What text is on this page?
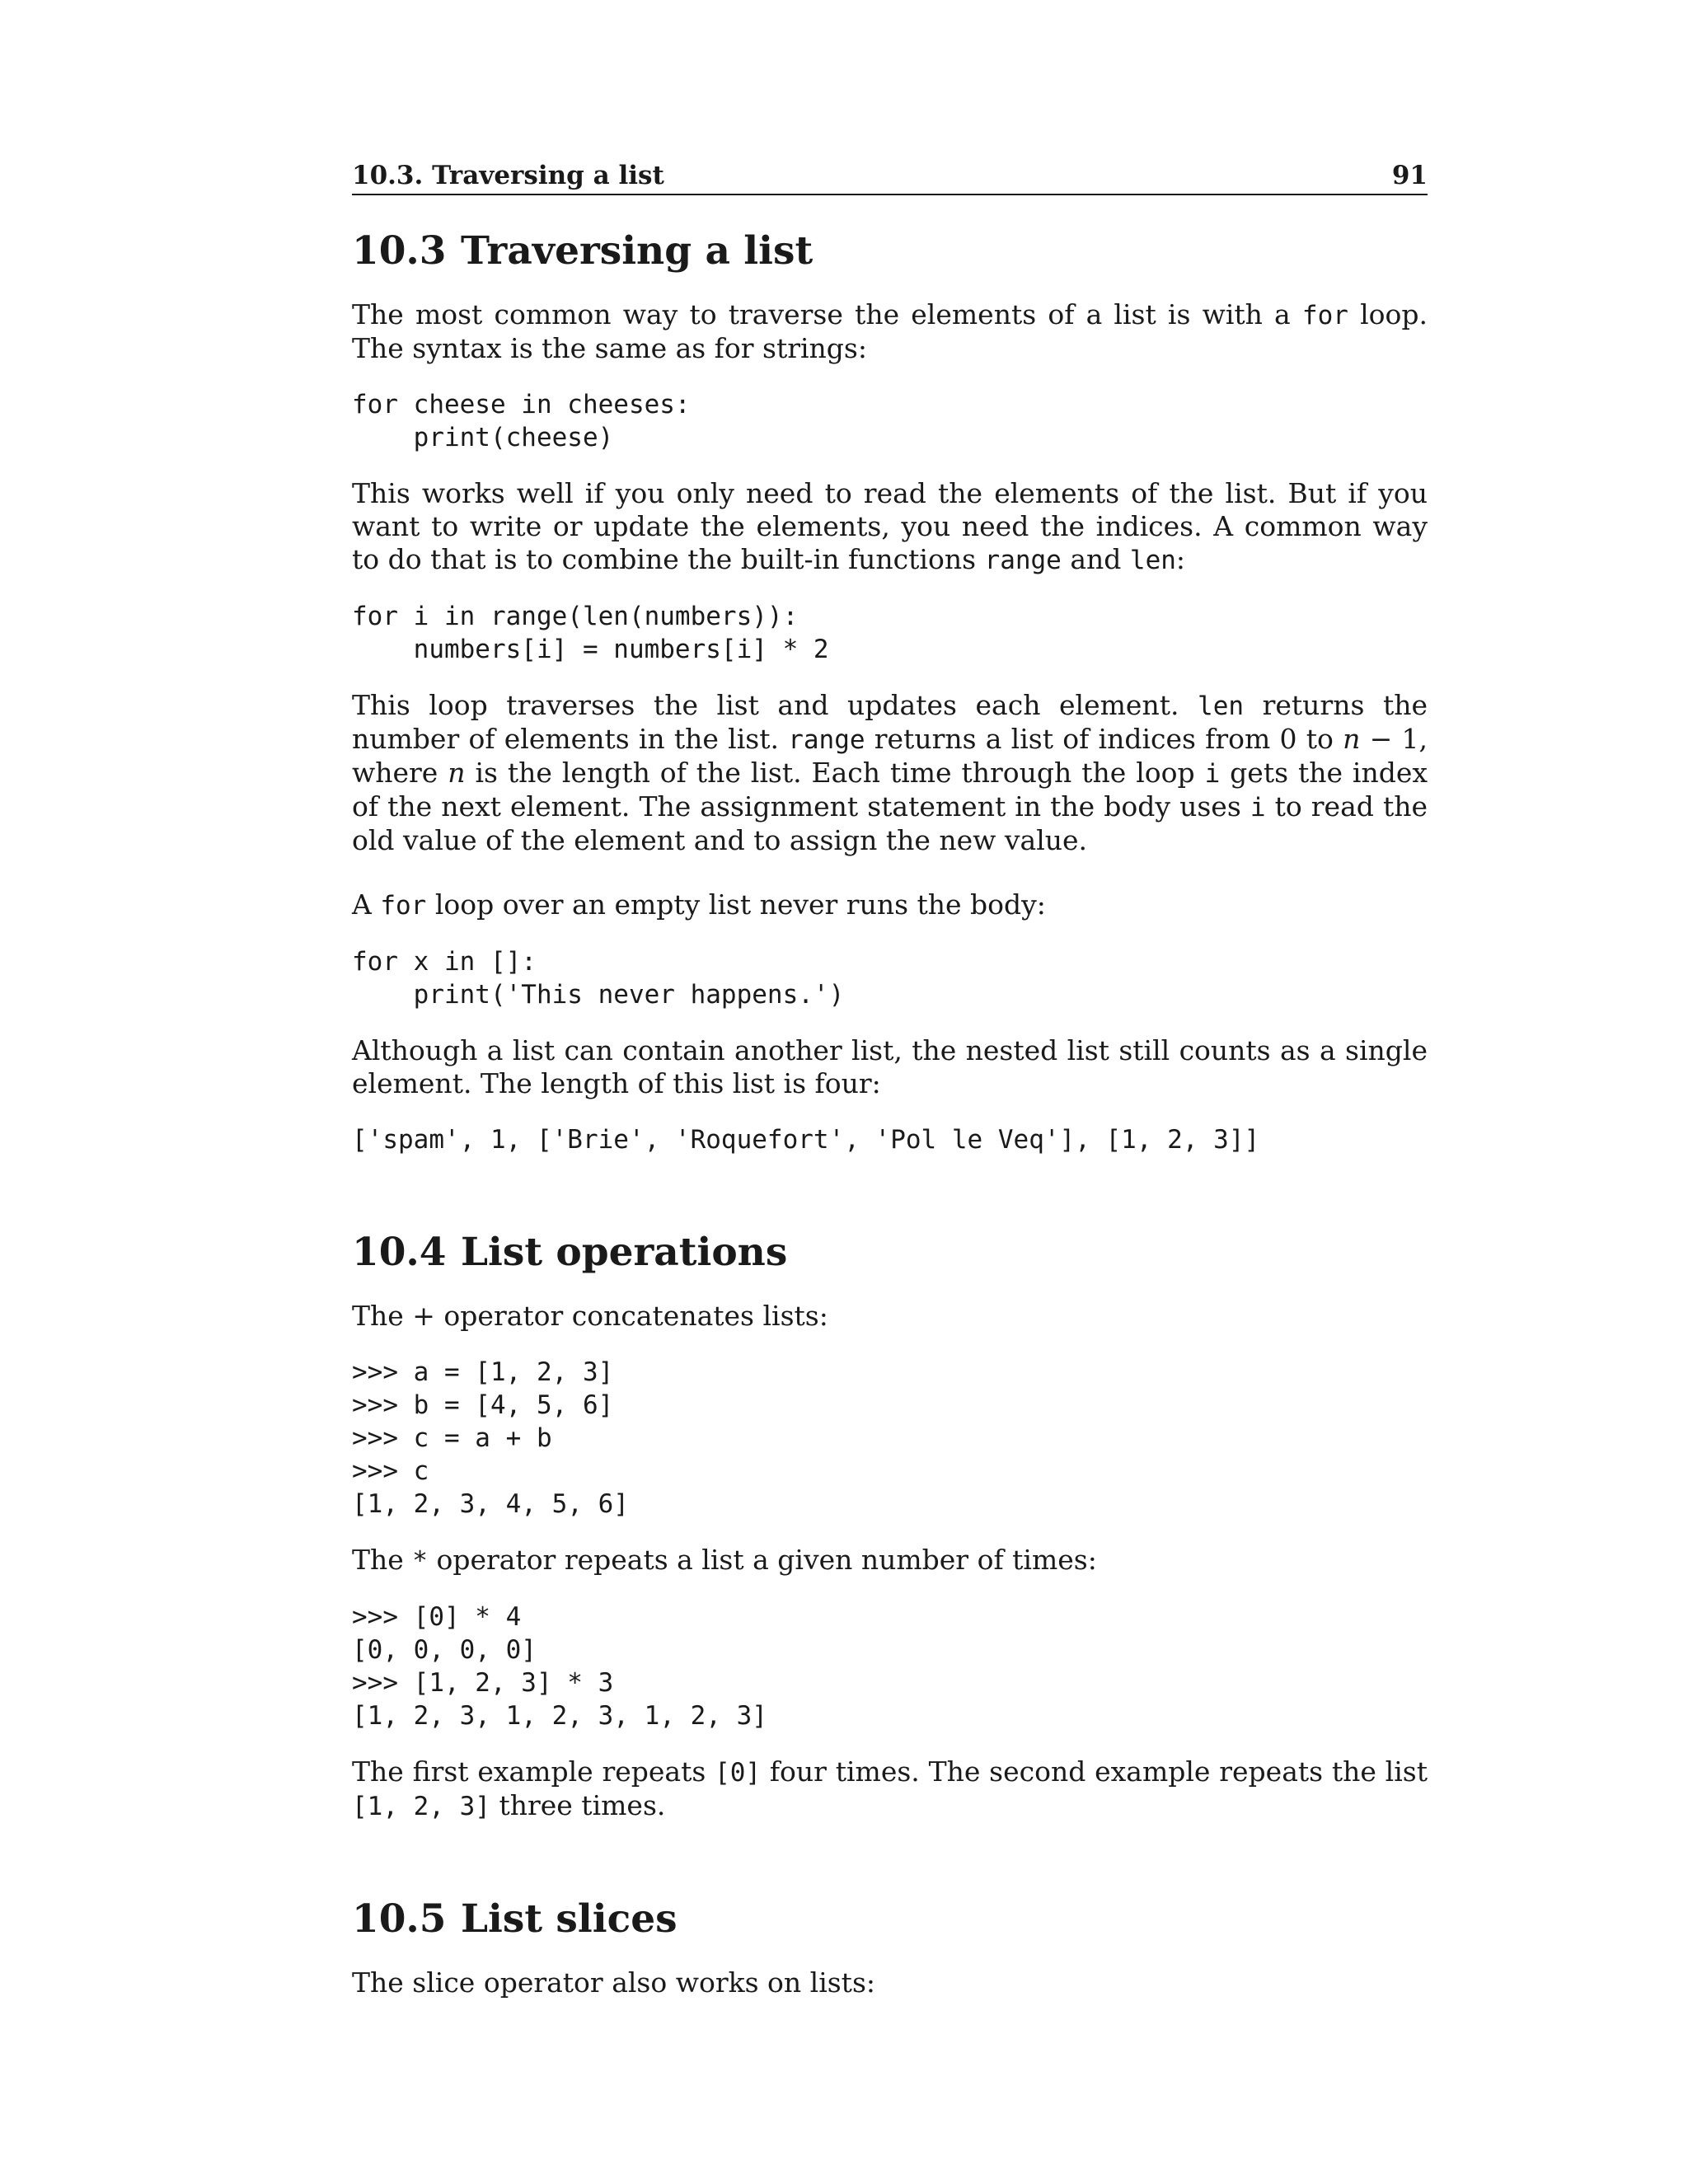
10.3. Traversing a list	91
10.3 Traversing a list

The most common way to traverse the elements of a list is with a for loop. The syntax is the same as for strings:

for cheese in cheeses:
print(cheese)

This works well if you only need to read the elements of the list. But if you want to write or update the elements, you need the indices. A common way to do that is to combine the built-in functions range and len:

for i in range(len(numbers)):
numbers[i] = numbers[i] * 2

This loop traverses the list and updates each element. len returns the number of elements in the list. range returns a list of indices from 0 to n − 1, where n is the length of the list. Each time through the loop i gets the index of the next element. The assignment statement in the body uses i to read the old value of the element and to assign the new value.

A for loop over an empty list never runs the body:

for x in []:
print('This never happens.')

Although a list can contain another list, the nested list still counts as a single element. The length of this list is four:

['spam', 1, ['Brie', 'Roquefort', 'Pol le Veq'], [1, 2, 3]]
10.4 List operations

The + operator concatenates lists:

>>> a = [1, 2, 3]
>>> b = [4, 5, 6]
>>> c = a + b
>>> c
[1, 2, 3, 4, 5, 6]

The * operator repeats a list a given number of times:

>>> [0] * 4
[0, 0, 0, 0]
>>> [1, 2, 3] * 3
[1, 2, 3, 1, 2, 3, 1, 2, 3]

The first example repeats [0] four times. The second example repeats the list [1, 2, 3] three times.

10.5 List slices

The slice operator also works on lists:
